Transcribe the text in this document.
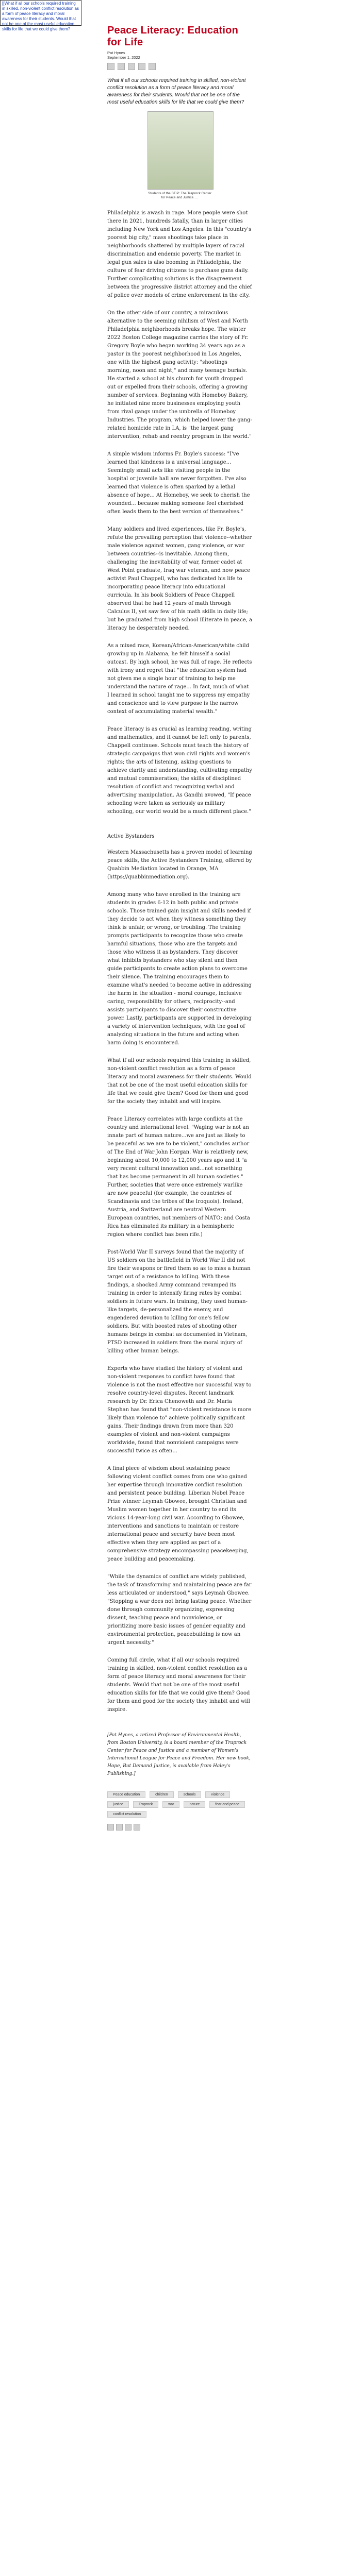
[[What if all our schools required training in skilled, non-violent conflict resolution as a form of peace literacy and moral awareness for their students. Would that not be one of the most useful education skills for life that we could give them?	Peace Literacy: Education for Life
Pat Hynes
September 1, 2022

What if all our schools required training in skilled, non-violent conflict resolution as a form of peace literacy and moral awareness for their students. Would that not be one of the most useful education skills for life that we could give them?

Students of the BTIP: The Traprock Center for Peace and Justice. ...

Philadelphia is awash in rage. More people were shot there in 2021, hundreds fatally, than in larger cities including New York and Los Angeles. In this "country's poorest big city," mass shootings take place in neighborhoods shattered by multiple layers of racial discrimination and endemic poverty. The market in legal gun sales is also booming in Philadelphia, the culture of fear driving citizens to purchase guns daily. Further complicating solutions is the disagreement between the progressive district attorney and the chief of police over models of crime enforcement in the city.

On the other side of our country, a miraculous alternative to the seeming nihilism of West and North Philadelphia neighborhoods breaks hope. The winter 2022 Boston College magazine carries the story of Fr. Gregory Boyle who began working 34 years ago as a pastor in the poorest neighborhood in Los Angeles, one with the highest gang activity: "shootings morning, noon and night," and many teenage burials. He started a school at his church for youth dropped out or expelled from their schools, offering a growing number of services. Beginning with Homeboy Bakery, he initiated nine more businesses employing youth from rival gangs under the umbrella of Homeboy Industries. The program, which helped lower the gang-related homicide rate in LA, is "the largest gang intervention, rehab and reentry program in the world."

A simple wisdom informs Fr. Boyle's success: "I've learned that kindness is a universal language... Seemingly small acts like visiting people in the hospital or juvenile hall are never forgotten. I've also learned that violence is often sparked by a lethal absence of hope... At Homeboy, we seek to cherish the wounded... because making someone feel cherished often leads them to the best version of themselves."

Many soldiers and lived experiences, like Fr. Boyle's, refute the prevailing perception that violence--whether male violence against women, gang violence, or war between countries--is inevitable. Among them, challenging the inevitability of war, former cadet at West Point graduate, Iraq war veteran, and now peace activist Paul Chappell, who has dedicated his life to incorporating peace literacy into educational curricula. In his book Soldiers of Peace Chappell observed that he had 12 years of math through Calculus II, yet saw few of his math skills in daily life; but he graduated from high school illiterate in peace, a literacy he desperately needed.

As a mixed race, Korean/African-American/white child growing up in Alabama, he felt himself a social outcast. By high school, he was full of rage. He reflects with irony and regret that "the education system had not given me a single hour of training to help me understand the nature of rage... In fact, much of what I learned in school taught me to suppress my empathy and conscience and to view purpose is the narrow context of accumulating material wealth."

Peace literacy is as crucial as learning reading, writing and mathematics, and it cannot be left only to parents, Chappell continues. Schools must teach the history of strategic campaigns that won civil rights and women's rights; the arts of listening, asking questions to achieve clarity and understanding, cultivating empathy and mutual commiseration; the skills of disciplined resolution of conflict and recognizing verbal and advertising manipulation. As Gandhi avowed, "If peace schooling were taken as seriously as military schooling, our world would be a much different place."

Active Bystanders

Western Massachusetts has a proven model of learning peace skills, the Active Bystanders Training, offered by Quabbin Mediation located in Orange, MA (https://quabbinmediation.org).

Among many who have enrolled in the training are students in grades 6-12 in both public and private schools. Those trained gain insight and skills needed if they decide to act when they witness something they think is unfair, or wrong, or troubling. The training prompts participants to recognize those who create harmful situations, those who are the targets and those who witness it as bystanders. They discover what inhibits bystanders who stay silent and then guide participants to create action plans to overcome their silence. The training encourages them to examine what's needed to become active in addressing the harm in the situation - moral courage, inclusive caring, responsibility for others, reciprocity--and assists participants to discover their constructive power. Lastly, participants are supported in developing a variety of intervention techniques, with the goal of analyzing situations in the future and acting when harm doing is encountered.

What if all our schools required this training in skilled, non-violent conflict resolution as a form of peace literacy and moral awareness for their students. Would that not be one of the most useful education skills for life that we could give them? Good for them and good for the society they inhabit and will inspire.

Peace Literacy correlates with large conflicts at the country and international level. "Waging war is not an innate part of human nature...we are just as likely to be peaceful as we are to be violent," concludes author of The End of War John Horgan. War is relatively new, beginning about 10,000 to 12,000 years ago and it "a very recent cultural innovation and...not something that has become permanent in all human societies." Further, societies that were once extremely warlike are now peaceful (for example, the countries of Scandinavia and the tribes of the Iroquois). Ireland, Austria, and Switzerland are neutral Western European countries, not members of NATO; and Costa Rica has eliminated its military in a hemispheric region where conflict has been rife.)

Post-World War II surveys found that the majority of US soldiers on the battlefield in World War II did not fire their weapons or fired them so as to miss a human target out of a resistance to killing. With these findings, a shocked Army command revamped its training in order to intensify firing rates by combat soldiers in future wars. In training, they used human-like targets, de-personalized the enemy, and engendered devotion to killing for one's fellow soldiers. But with boosted rates of shooting other humans beings in combat as documented in Vietnam, PTSD increased in soldiers from the moral injury of killing other human beings.

Experts who have studied the history of violent and non-violent responses to conflict have found that violence is not the most effective nor successful way to resolve country-level disputes. Recent landmark research by Dr. Erica Chenoweth and Dr. Maria Stephan has found that "non-violent resistance is more likely than violence to" achieve politically significant gains. Their findings drawn from more than 320 examples of violent and non-violent campaigns worldwide, found that nonviolent campaigns were successful twice as often...

A final piece of wisdom about sustaining peace following violent conflict comes from one who gained her expertise through innovative conflict resolution and persistent peace building. Liberian Nobel Peace Prize winner Leymah Gbowee, brought Christian and Muslim women together in her country to end its vicious 14-year-long civil war. According to Gbowee, interventions and sanctions to maintain or restore international peace and security have been most effective when they are applied as part of a comprehensive strategy encompassing peacekeeping, peace building and peacemaking.

"While the dynamics of conflict are widely published, the task of transforming and maintaining peace are far less articulated or understood," says Leymah Gbowee. "Stopping a war does not bring lasting peace. Whether done through community organizing, expressing dissent, teaching peace and nonviolence, or prioritizing more basic issues of gender equality and environmental protection, peacebuilding is now an urgent necessity."

Coming full circle, what if all our schools required training in skilled, non-violent conflict resolution as a form of peace literacy and moral awareness for their students. Would that not be one of the most useful education skills for life that we could give them? Good for them and good for the society they inhabit and will inspire.

[Pat Hynes, a retired Professor of Environmental Health, from Boston University, is a board member of the Traprock Center for Peace and Justice and a member of Women's International League for Peace and Freedom. Her new book, Hope, But Demand Justice, is available from Haley's Publishing.]

Peace education	children	schools	violence
justice	Traprock	war	nature	fear and peace
conflict resolution
